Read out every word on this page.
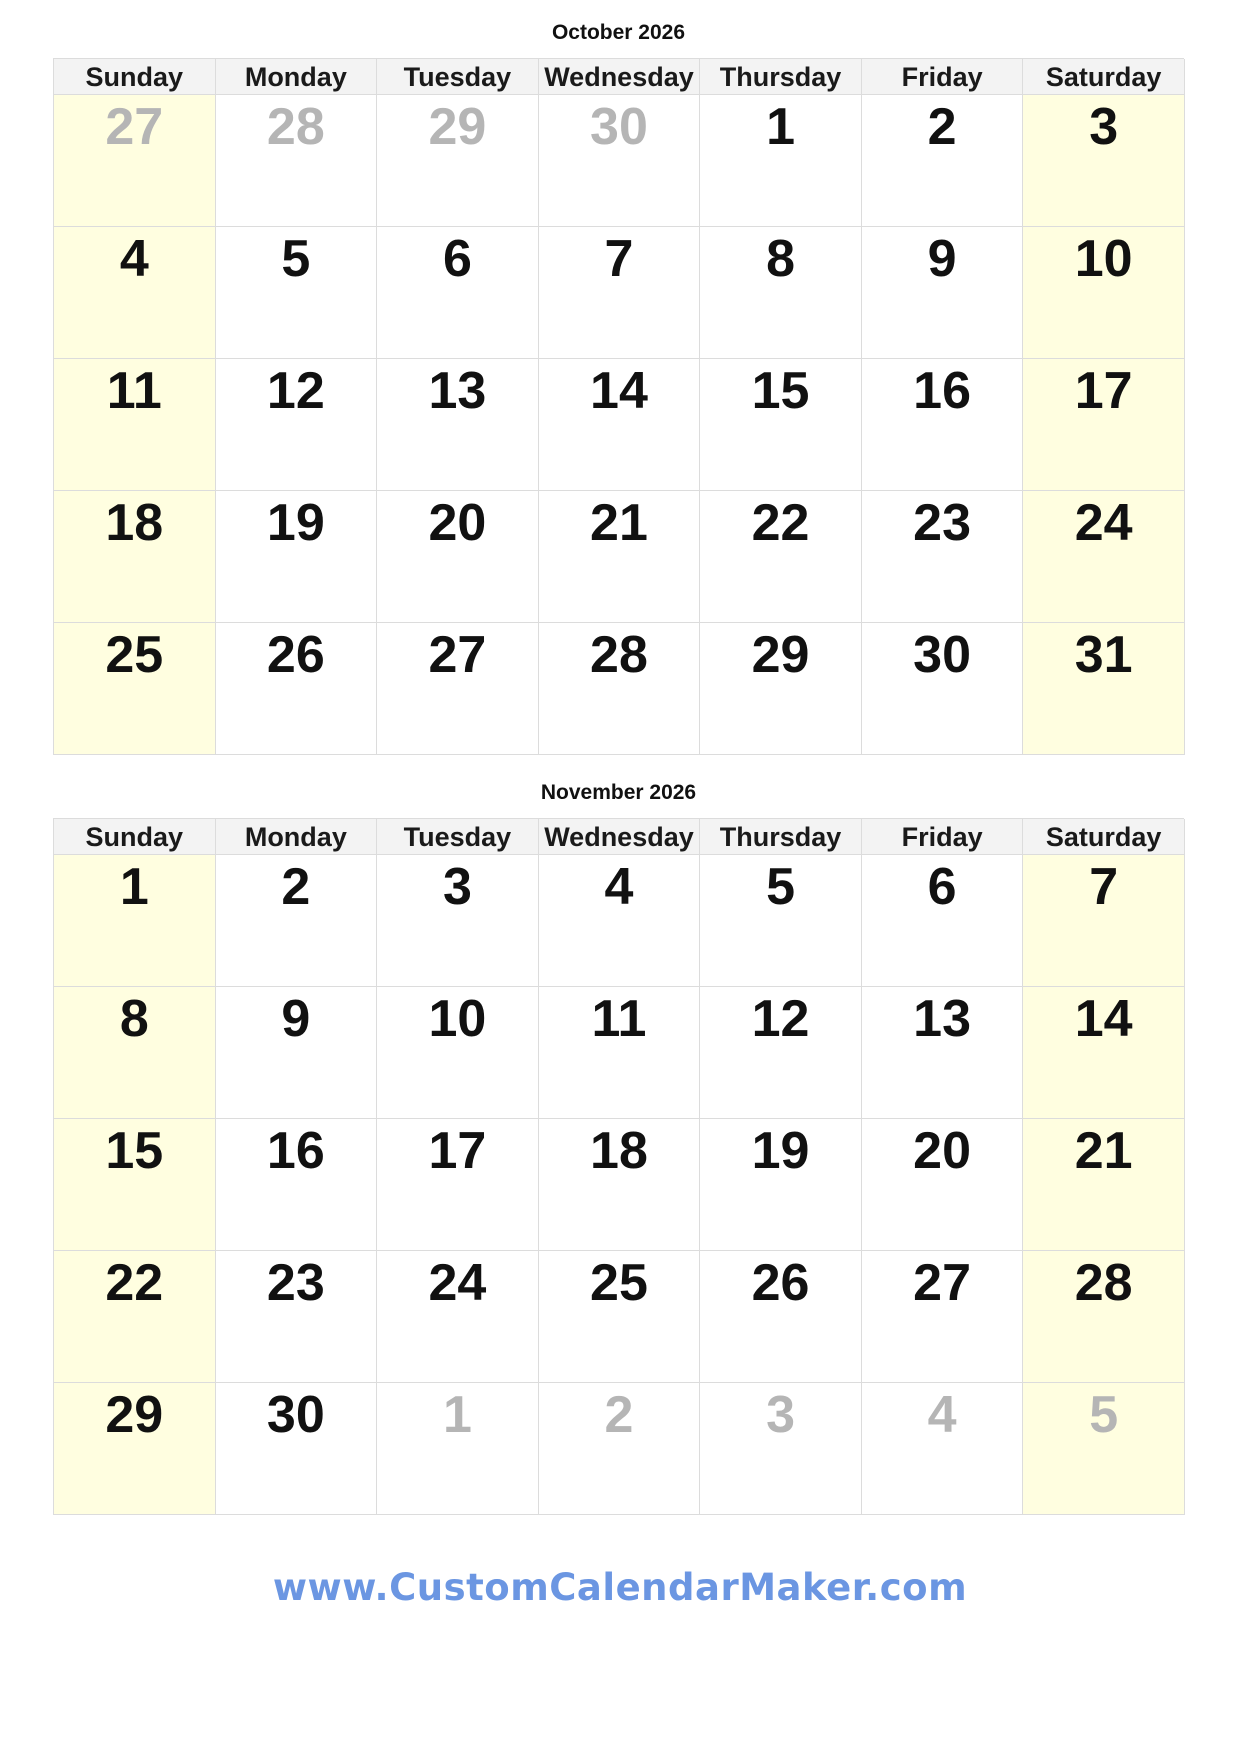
October 2026
Sunday	Monday	Tuesday	Wednesday Thursday	Friday	Saturday
27	28	29	30	1	2	3
4	5	6	7	8	9	10
11	12	13	14	15	16	17
18	19	20	21	22	23	24
25	26	27	28	29	30	31
November 2026
Sunday	Monday	Tuesday	Wednesday Thursday	Friday	Saturday
1	2	3	4	5	6	7
8	9	10	11	12	13	14
15	16	17	18	19	20	21
22	23	24	25	26	27	28
29	30	1	2	3	4	5
www.CustomCalendarMaker.com
